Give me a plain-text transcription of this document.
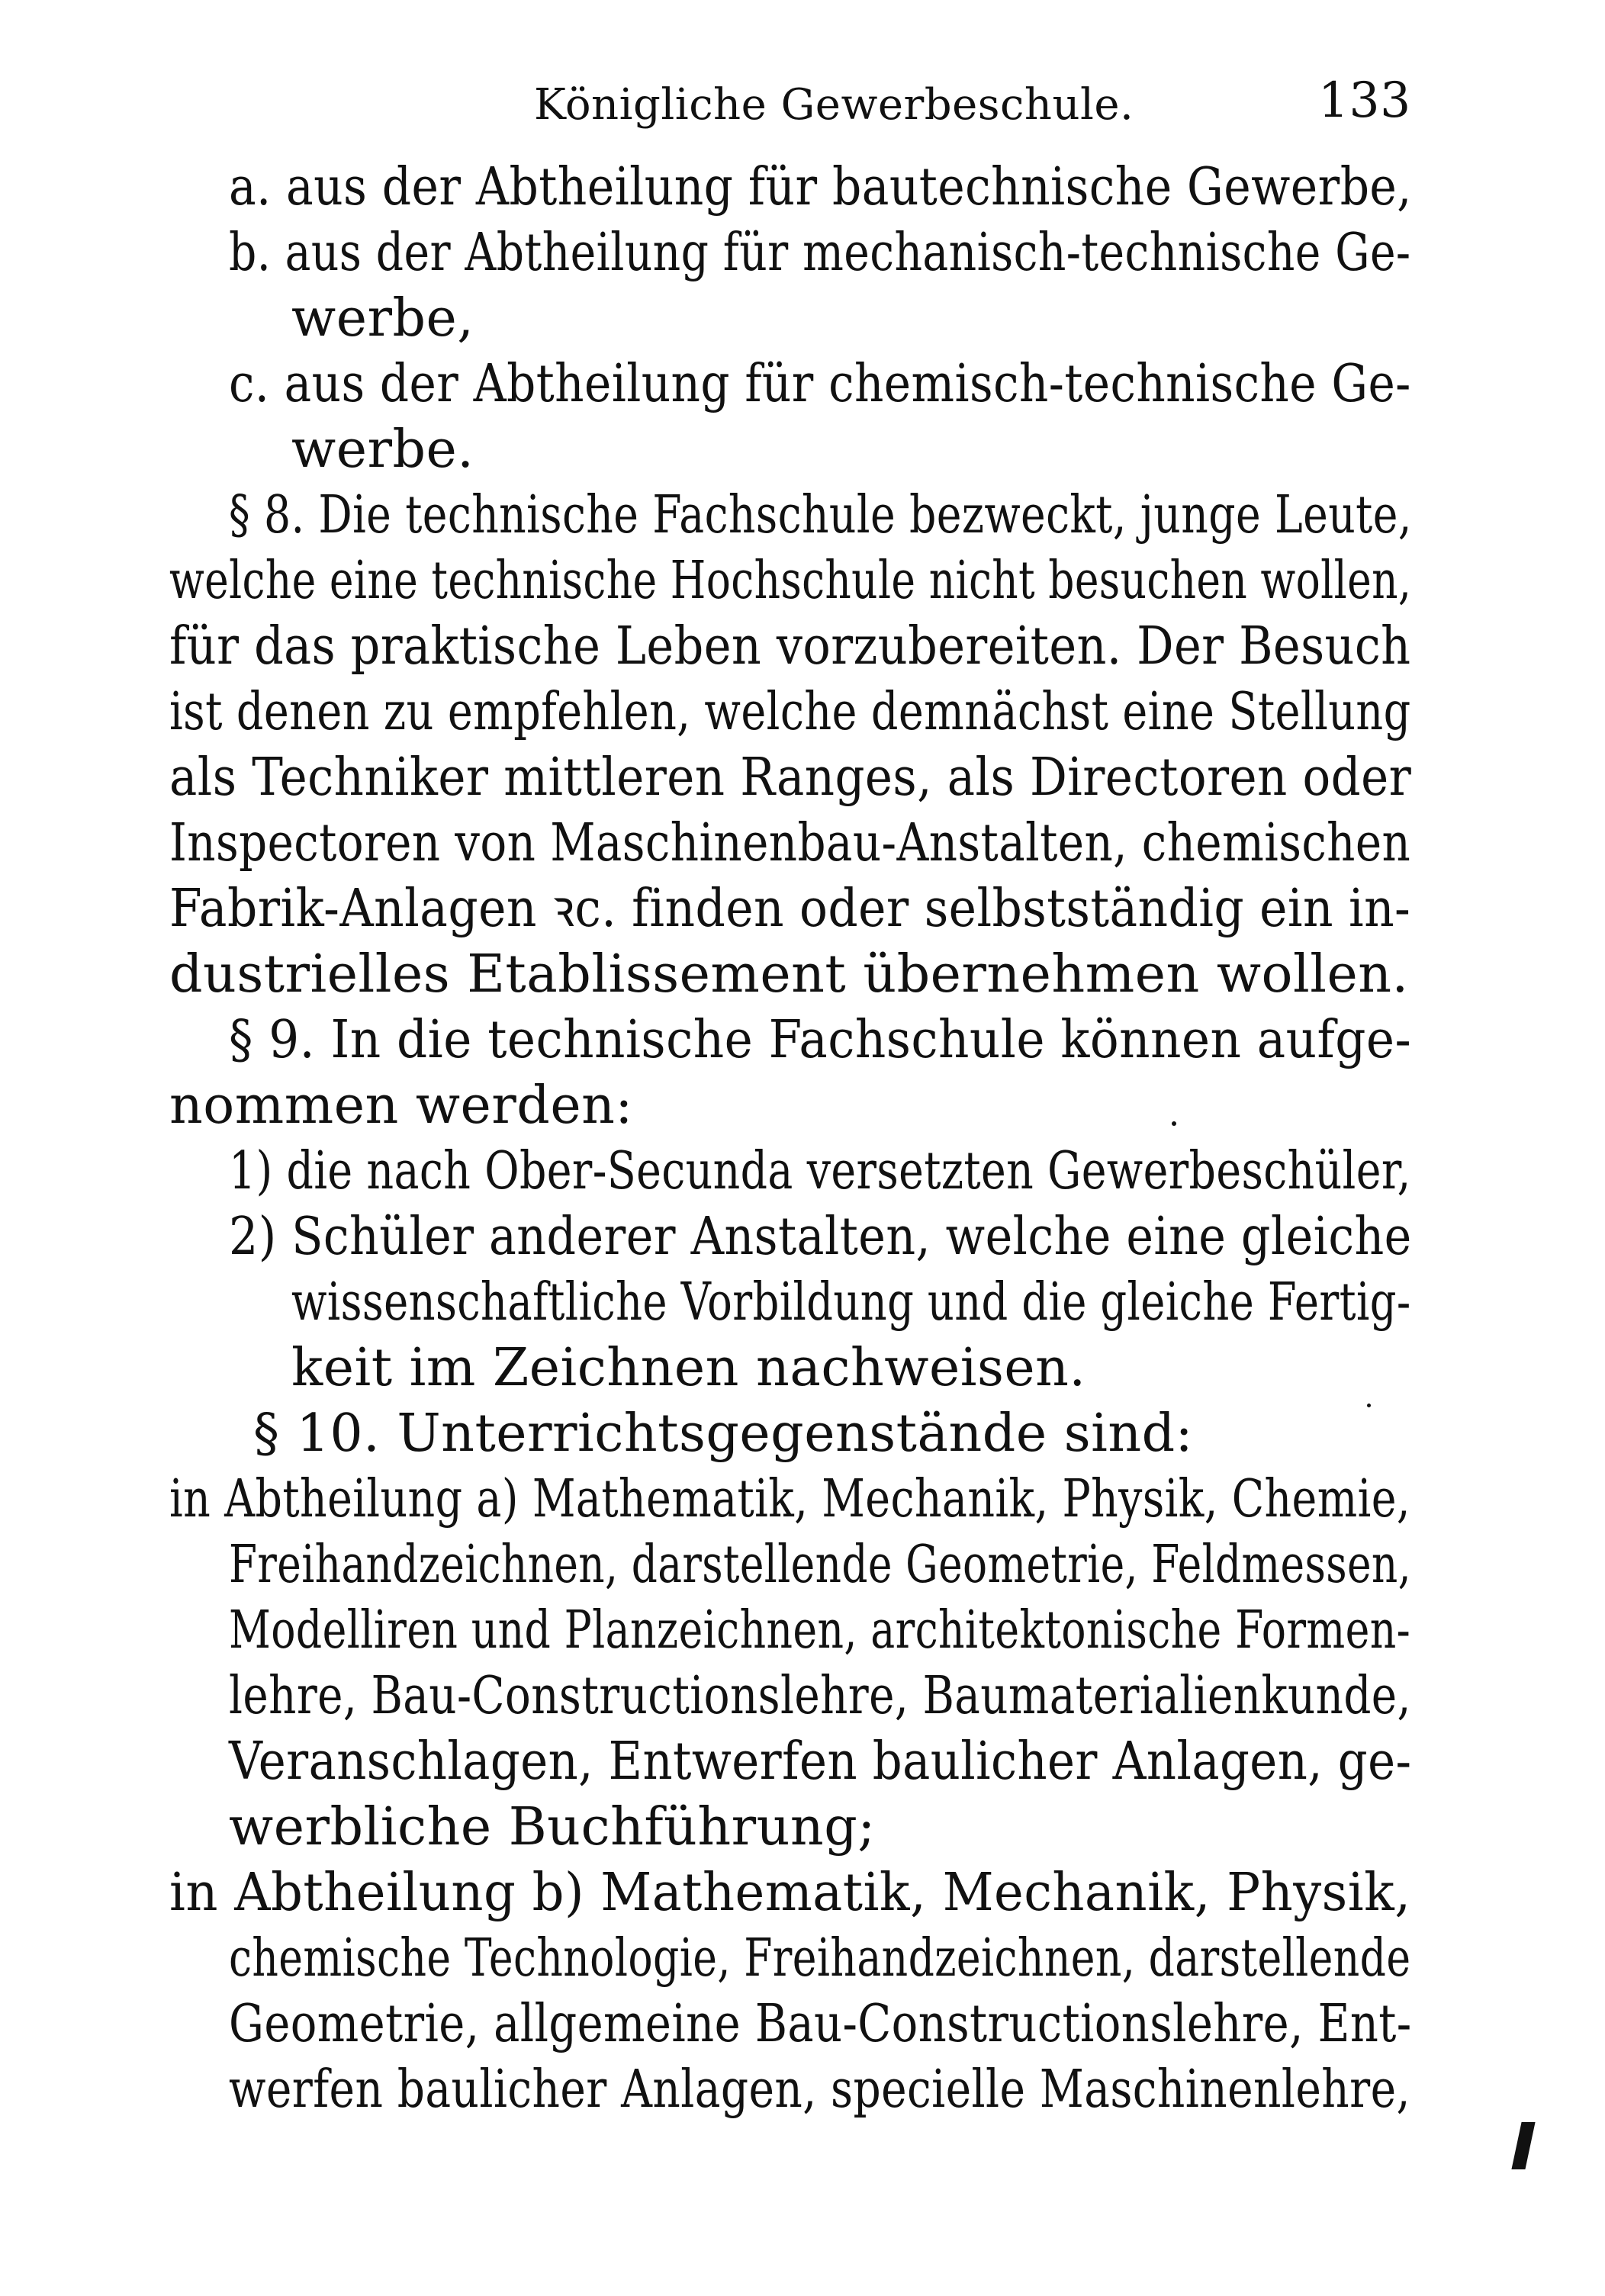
Königliche Gewerbeschule.	133
a. aus der Abtheilung für bautechnische Gewerbe,
b. aus der Abtheilung für mechanisch-technische Ge-
werbe,
c. aus der Abtheilung für chemisch-technische Ge-
werbe.
§ 8. Die technische Fachschule bezweckt, junge Leute,
welche eine technische Hochschule nicht besuchen wollen,
für das praktische Leben vorzubereiten. Der Besuch
ist denen zu empfehlen, welche demnächst eine Stellung
als Techniker mittleren Ranges, als Directoren oder
Inspectoren von Maschinenbau-Anstalten, chemischen
Fabrik-Anlagen ꝛc. finden oder selbstständig ein in-
dustrielles Etablissement übernehmen wollen.
§ 9. In die technische Fachschule können aufge-
nommen werden:
1) die nach Ober-Secunda versetzten Gewerbeschüler,
2) Schüler anderer Anstalten, welche eine gleiche
wissenschaftliche Vorbildung und die gleiche Fertig-
keit im Zeichnen nachweisen.
§ 10. Unterrichtsgegenstände sind:
in Abtheilung a) Mathematik, Mechanik, Physik, Chemie,
Freihandzeichnen, darstellende Geometrie, Feldmessen,
Modelliren und Planzeichnen, architektonische Formen-
lehre, Bau-Constructionslehre, Baumaterialienkunde,
Veranschlagen, Entwerfen baulicher Anlagen, ge-
werbliche Buchführung;
in Abtheilung b) Mathematik, Mechanik, Physik,
chemische Technologie, Freihandzeichnen, darstellende
Geometrie, allgemeine Bau-Constructionslehre, Ent-
werfen baulicher Anlagen, specielle Maschinenlehre,
